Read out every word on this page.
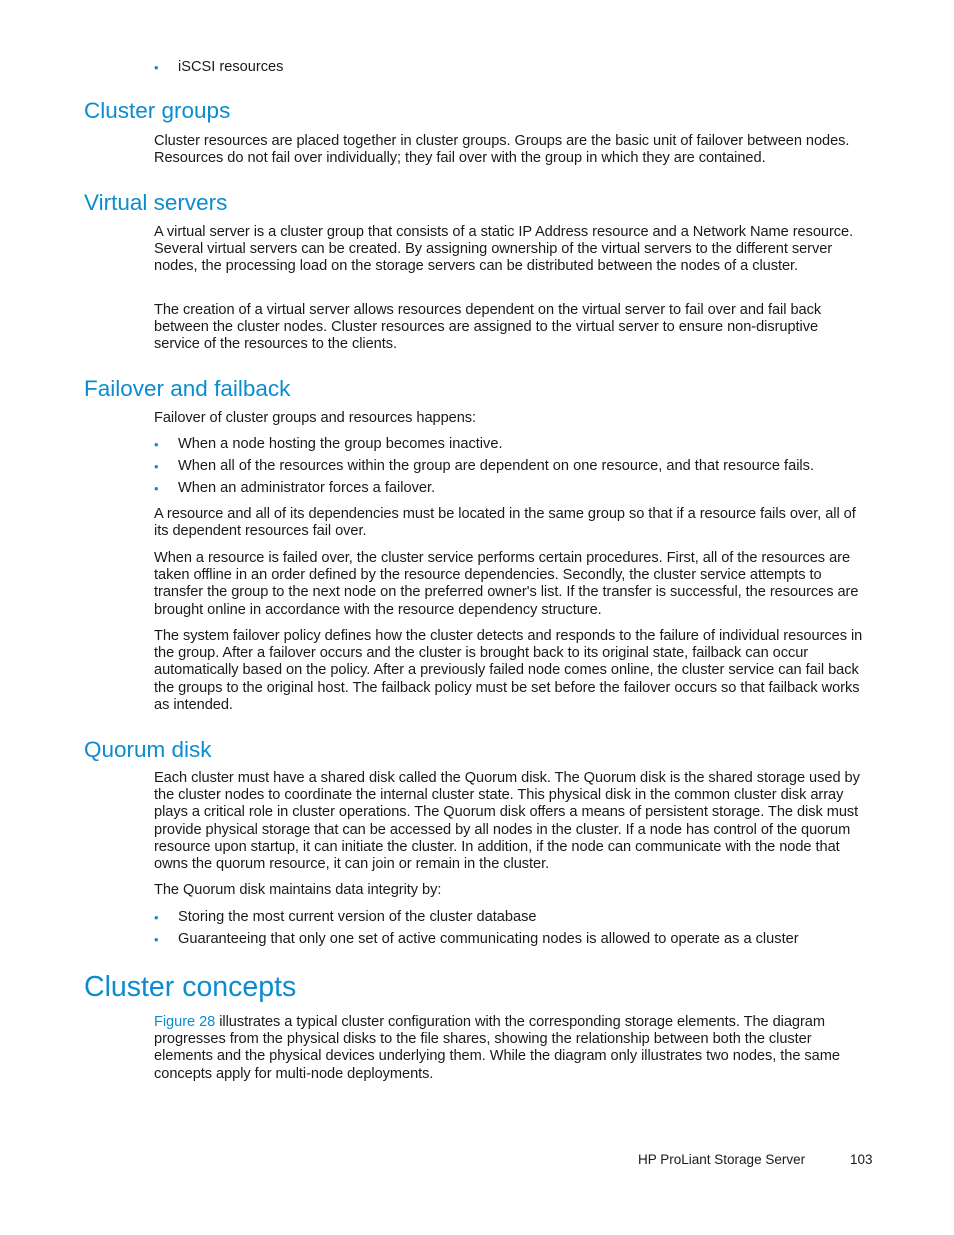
• iSCSI resources
Cluster groups

Cluster resources are placed together in cluster groups. Groups are the basic unit of failover between nodes. Resources do not fail over individually; they fail over with the group in which they are contained.

Virtual servers

A virtual server is a cluster group that consists of a static IP Address resource and a Network Name resource. Several virtual servers can be created. By assigning ownership of the virtual servers to the different server nodes, the processing load on the storage servers can be distributed between the nodes of a cluster.

The creation of a virtual server allows resources dependent on the virtual server to fail over and fail back between the cluster nodes. Cluster resources are assigned to the virtual server to ensure non-disruptive service of the resources to the clients.

Failover and failback

Failover of cluster groups and resources happens:

• When a node hosting the group becomes inactive.
• When all of the resources within the group are dependent on one resource, and that resource fails.
• When an administrator forces a failover.

A resource and all of its dependencies must be located in the same group so that if a resource fails over, all of its dependent resources fail over.

When a resource is failed over, the cluster service performs certain procedures. First, all of the resources are taken offline in an order defined by the resource dependencies. Secondly, the cluster service attempts to transfer the group to the next node on the preferred owner's list. If the transfer is successful, the resources are brought online in accordance with the resource dependency structure.

The system failover policy defines how the cluster detects and responds to the failure of individual resources in the group. After a failover occurs and the cluster is brought back to its original state, failback can occur automatically based on the policy. After a previously failed node comes online, the cluster service can fail back the groups to the original host. The failback policy must be set before the failover occurs so that failback works as intended.

Quorum disk

Each cluster must have a shared disk called the Quorum disk. The Quorum disk is the shared storage used by the cluster nodes to coordinate the internal cluster state. This physical disk in the common cluster disk array plays a critical role in cluster operations. The Quorum disk offers a means of persistent storage. The disk must provide physical storage that can be accessed by all nodes in the cluster. If a node has control of the quorum resource upon startup, it can initiate the cluster. In addition, if the node can communicate with the node that owns the quorum resource, it can join or remain in the cluster.

The Quorum disk maintains data integrity by:

• Storing the most current version of the cluster database
• Guaranteeing that only one set of active communicating nodes is allowed to operate as a cluster
Cluster concepts

Figure 28 illustrates a typical cluster configuration with the corresponding storage elements. The diagram progresses from the physical disks to the file shares, showing the relationship between both the cluster elements and the physical devices underlying them. While the diagram only illustrates two nodes, the same concepts apply for multi-node deployments.

HP ProLiant Storage Server	103
